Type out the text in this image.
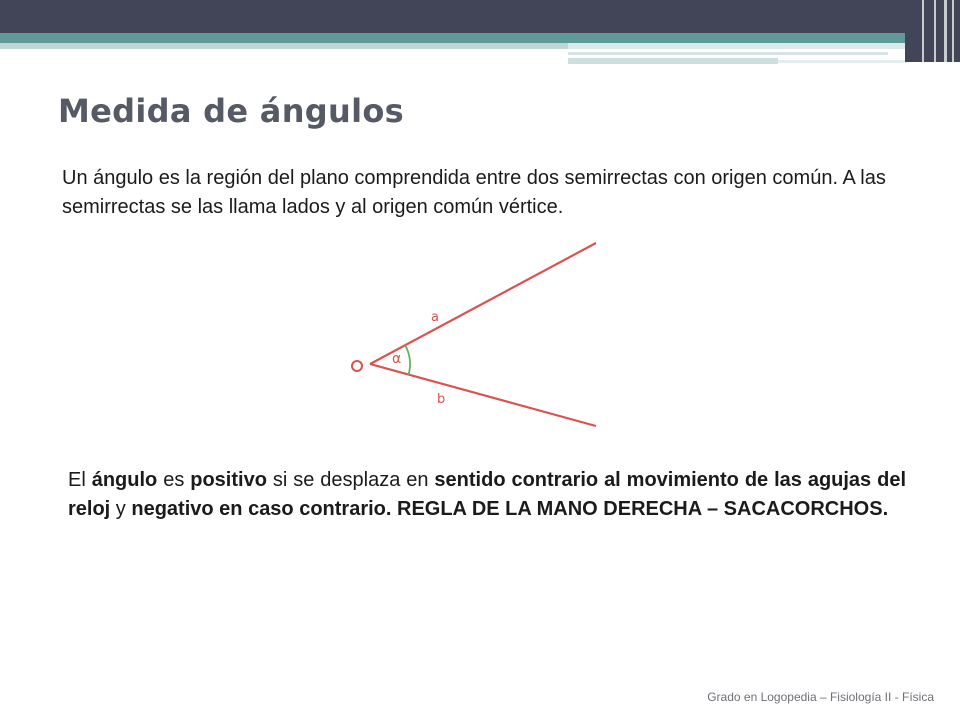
Medida de ángulos
Un ángulo es la región del plano comprendida entre dos semirrectas con origen común. A las semirrectas se las llama lados y al origen común vértice.
α
a
b
El ángulo es positivo si se desplaza en sentido contrario al movimiento de las agujas del reloj y negativo en caso contrario. REGLA DE LA MANO DERECHA – SACACORCHOS.
Grado en Logopedia – Fisiología II - Física
